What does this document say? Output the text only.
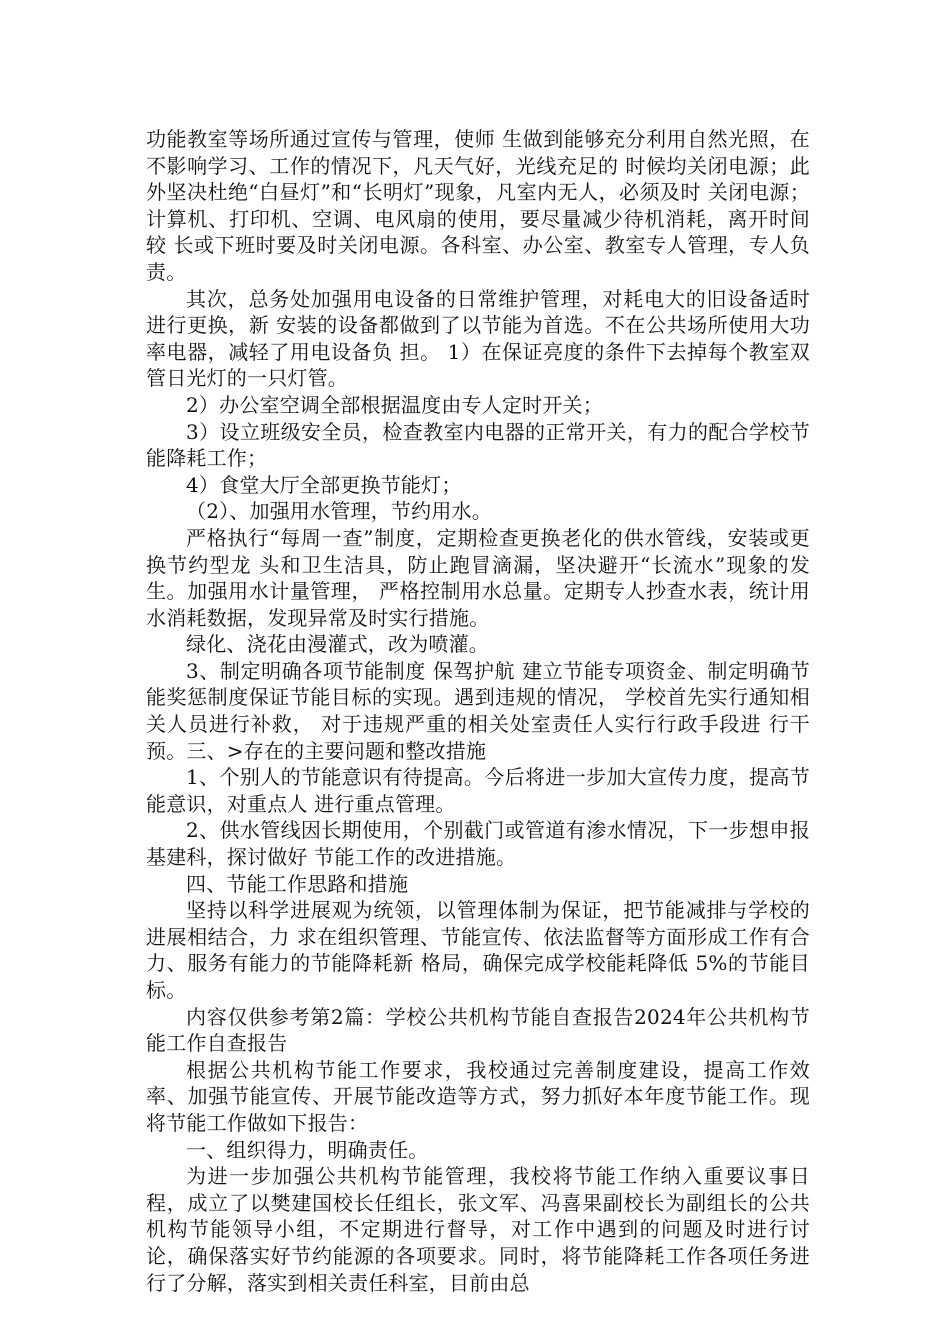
功能教室等场所通过宣传与管理，使师 生做到能够充分利用自然光照，在不影响学习、工作的情况下，凡天气好，光线充足的 时候均关闭电源；此外坚决杜绝“白昼灯”和“长明灯”现象，凡室内无人，必须及时 关闭电源；计算机、打印机、空调、电风扇的使用，要尽量减少待机消耗，离开时间较 长或下班时要及时关闭电源。各科室、办公室、教室专人管理，专人负责。

其次，总务处加强用电设备的日常维护管理，对耗电大的旧设备适时进行更换，新 安装的设备都做到了以节能为首选。不在公共场所使用大功率电器，减轻了用电设备负 担。 1）在保证亮度的条件下去掉每个教室双管日光灯的一只灯管。

2）办公室空调全部根据温度由专人定时开关；

3）设立班级安全员，检查教室内电器的正常开关，有力的配合学校节能降耗工作；

4）食堂大厅全部更换节能灯；

（2）、加强用水管理，节约用水。

严格执行“每周一查”制度，定期检查更换老化的供水管线，安装或更换节约型龙 头和卫生洁具，防止跑冒滴漏，坚决避开“长流水”现象的发生。加强用水计量管理， 严格控制用水总量。定期专人抄查水表，统计用水消耗数据，发现异常及时实行措施。

绿化、浇花由漫灌式，改为喷灌。

3、制定明确各项节能制度 保驾护航 建立节能专项资金、制定明确节能奖惩制度保证节能目标的实现。遇到违规的情况， 学校首先实行通知相关人员进行补救， 对于违规严重的相关处室责任人实行行政手段进 行干预。三、>存在的主要问题和整改措施

1、个别人的节能意识有待提高。今后将进一步加大宣传力度，提高节能意识，对重点人 进行重点管理。

2、供水管线因长期使用，个别截门或管道有渗水情况，下一步想申报基建科，探讨做好 节能工作的改进措施。

四、节能工作思路和措施

坚持以科学进展观为统领，以管理体制为保证，把节能减排与学校的进展相结合，力 求在组织管理、节能宣传、依法监督等方面形成工作有合力、服务有能力的节能降耗新 格局，确保完成学校能耗降低 5%的节能目标。

内容仅供参考第2篇：学校公共机构节能自查报告2024年公共机构节能工作自查报告

根据公共机构节能工作要求，我校通过完善制度建设，提高工作效率、加强节能宣传、开展节能改造等方式，努力抓好本年度节能工作。现将节能工作做如下报告：

一、组织得力，明确责任。

为进一步加强公共机构节能管理，我校将节能工作纳入重要议事日程，成立了以樊建国校长任组长，张文军、冯喜果副校长为副组长的公共机构节能领导小组，不定期进行督导，对工作中遇到的问题及时进行讨论，确保落实好节约能源的各项要求。同时，将节能降耗工作各项任务进行了分解，落实到相关责任科室，目前由总
